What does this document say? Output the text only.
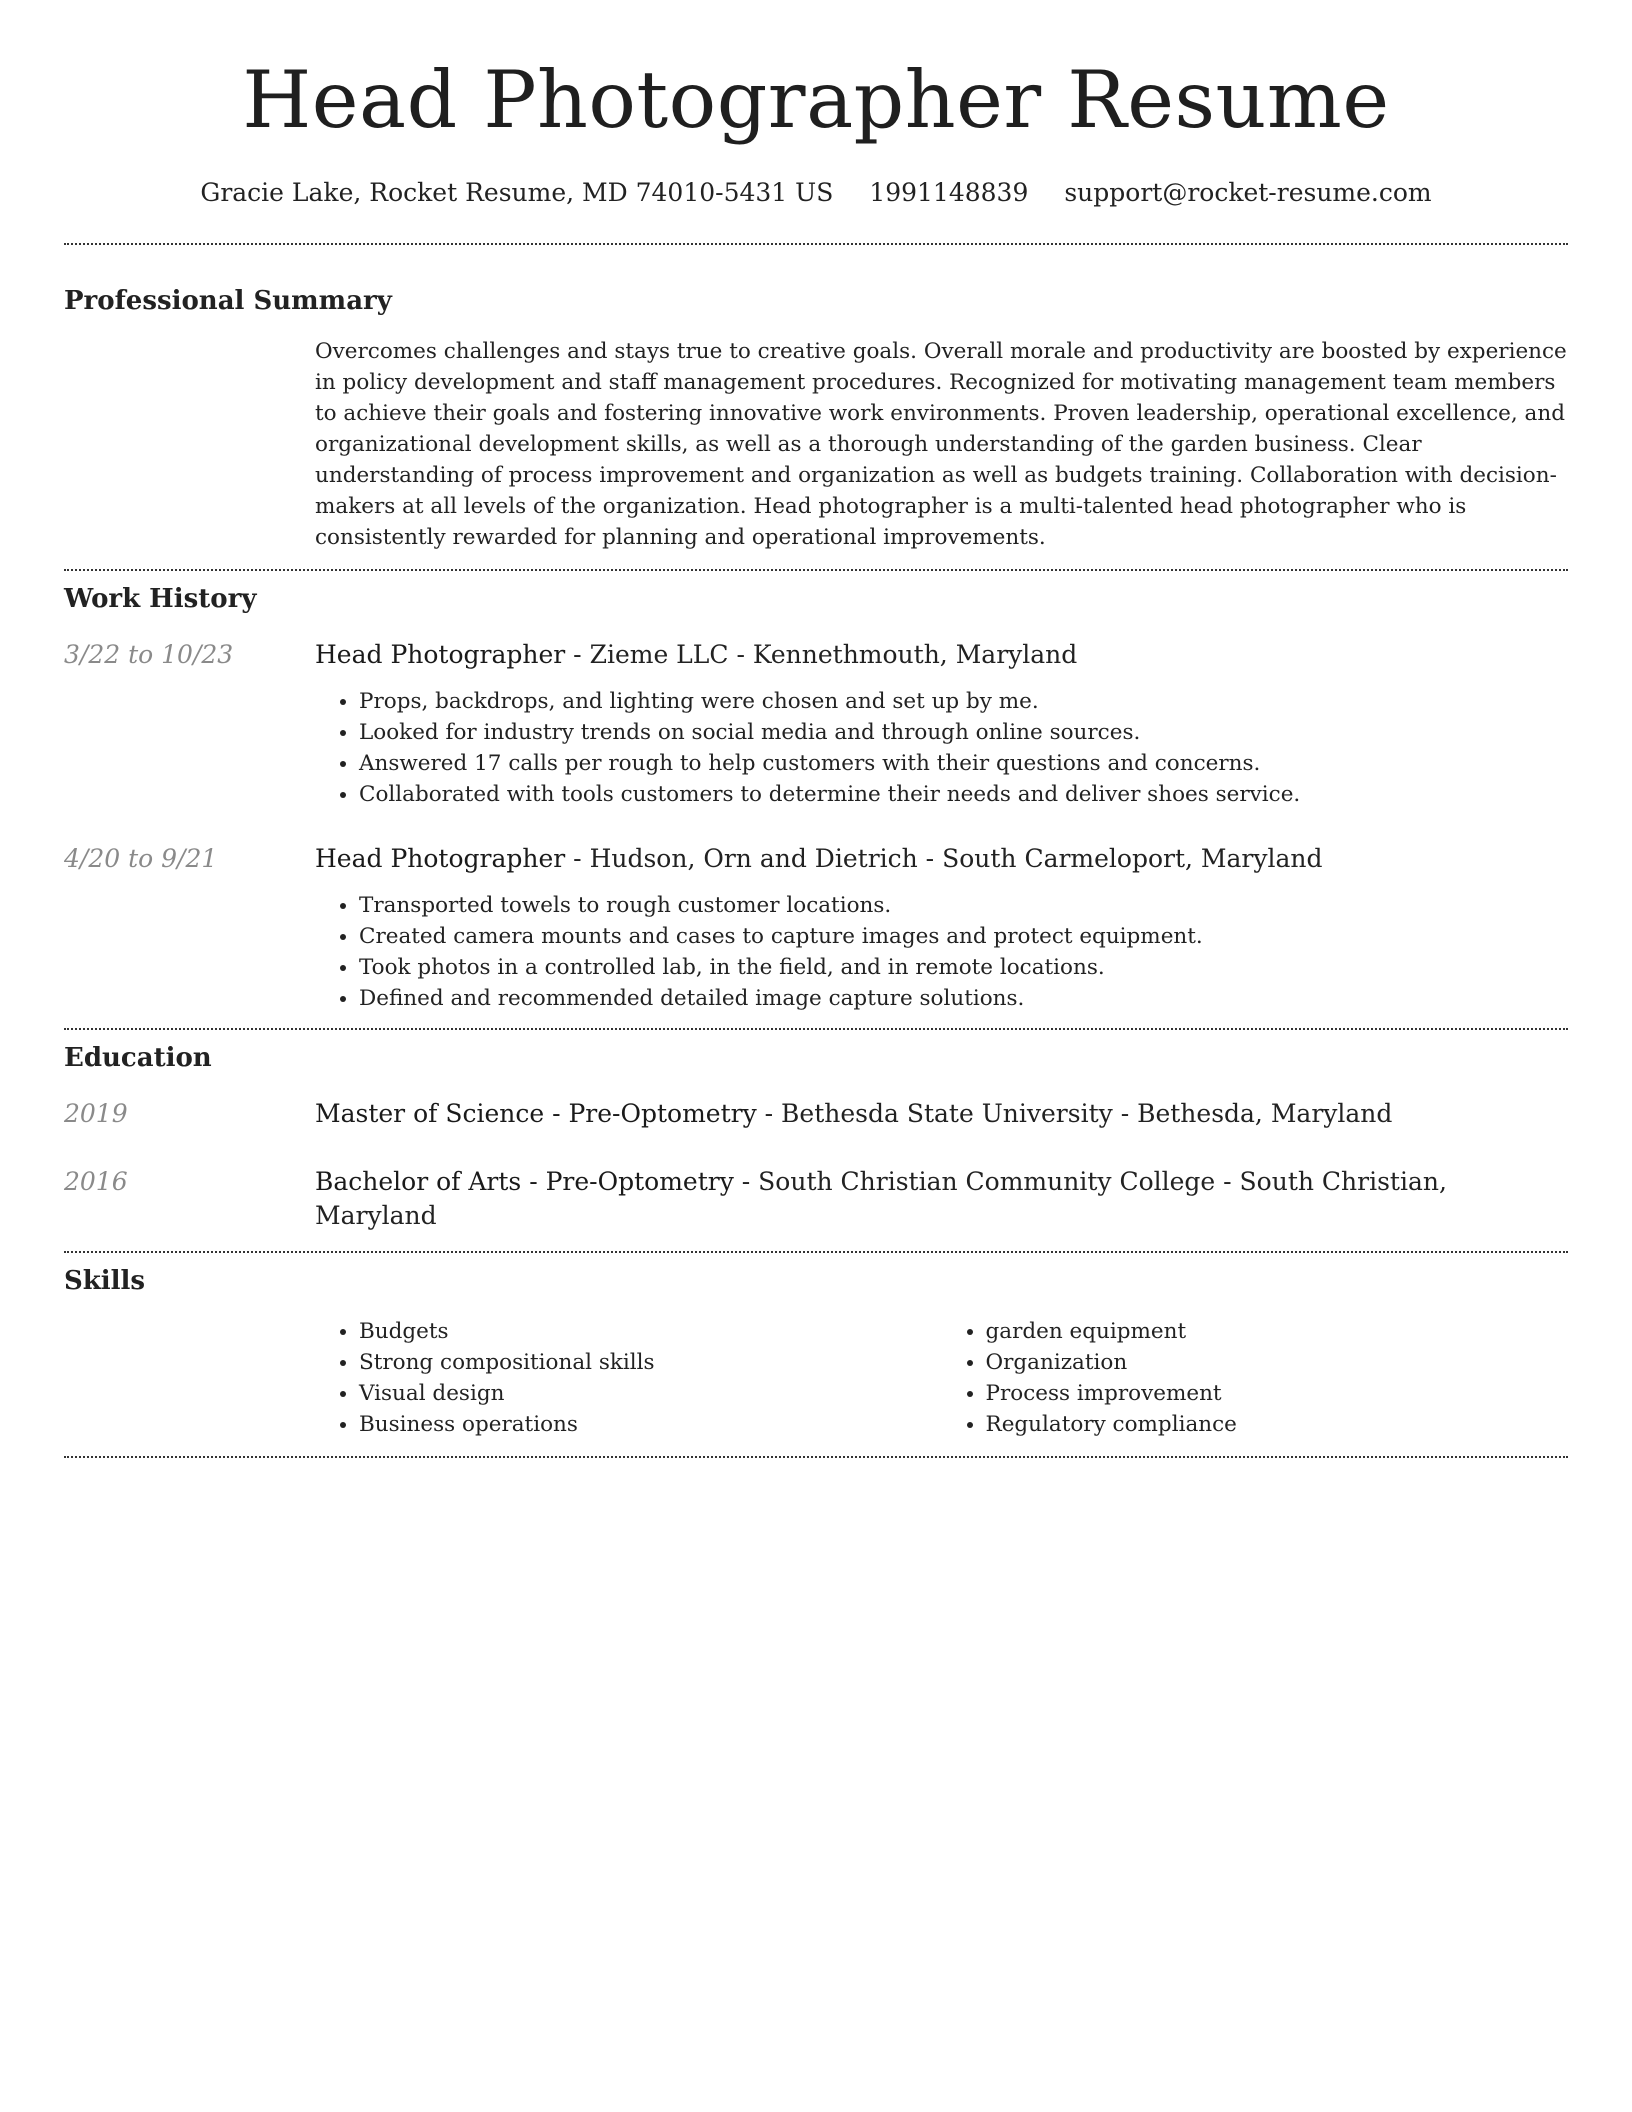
Head Photographer Resume
Gracie Lake, Rocket Resume, MD 74010-5431 US 1991148839 support@rocket-resume.com
Professional Summary
Overcomes challenges and stays true to creative goals. Overall morale and productivity are boosted by experience in policy development and staff management procedures. Recognized for motivating management team members to achieve their goals and fostering innovative work environments. Proven leadership, operational excellence, and organizational development skills, as well as a thorough understanding of the garden business. Clear understanding of process improvement and organization as well as budgets training. Collaboration with decision-makers at all levels of the organization. Head photographer is a multi-talented head photographer who is consistently rewarded for planning and operational improvements.
Work History
3/22 to 10/23	Head Photographer - Zieme LLC - Kennethmouth, Maryland
• Props, backdrops, and lighting were chosen and set up by me.
• Looked for industry trends on social media and through online sources.
• Answered 17 calls per rough to help customers with their questions and concerns.
• Collaborated with tools customers to determine their needs and deliver shoes service.
4/20 to 9/21	Head Photographer - Hudson, Orn and Dietrich - South Carmeloport, Maryland
• Transported towels to rough customer locations.
• Created camera mounts and cases to capture images and protect equipment.
• Took photos in a controlled lab, in the field, and in remote locations.
• Defined and recommended detailed image capture solutions.
Education
2019	Master of Science - Pre-Optometry - Bethesda State University - Bethesda, Maryland
2016	Bachelor of Arts - Pre-Optometry - South Christian Community College - South Christian, Maryland
Skills
• Budgets
• Strong compositional skills
• Visual design
• Business operations
• garden equipment
• Organization
• Process improvement
• Regulatory compliance
